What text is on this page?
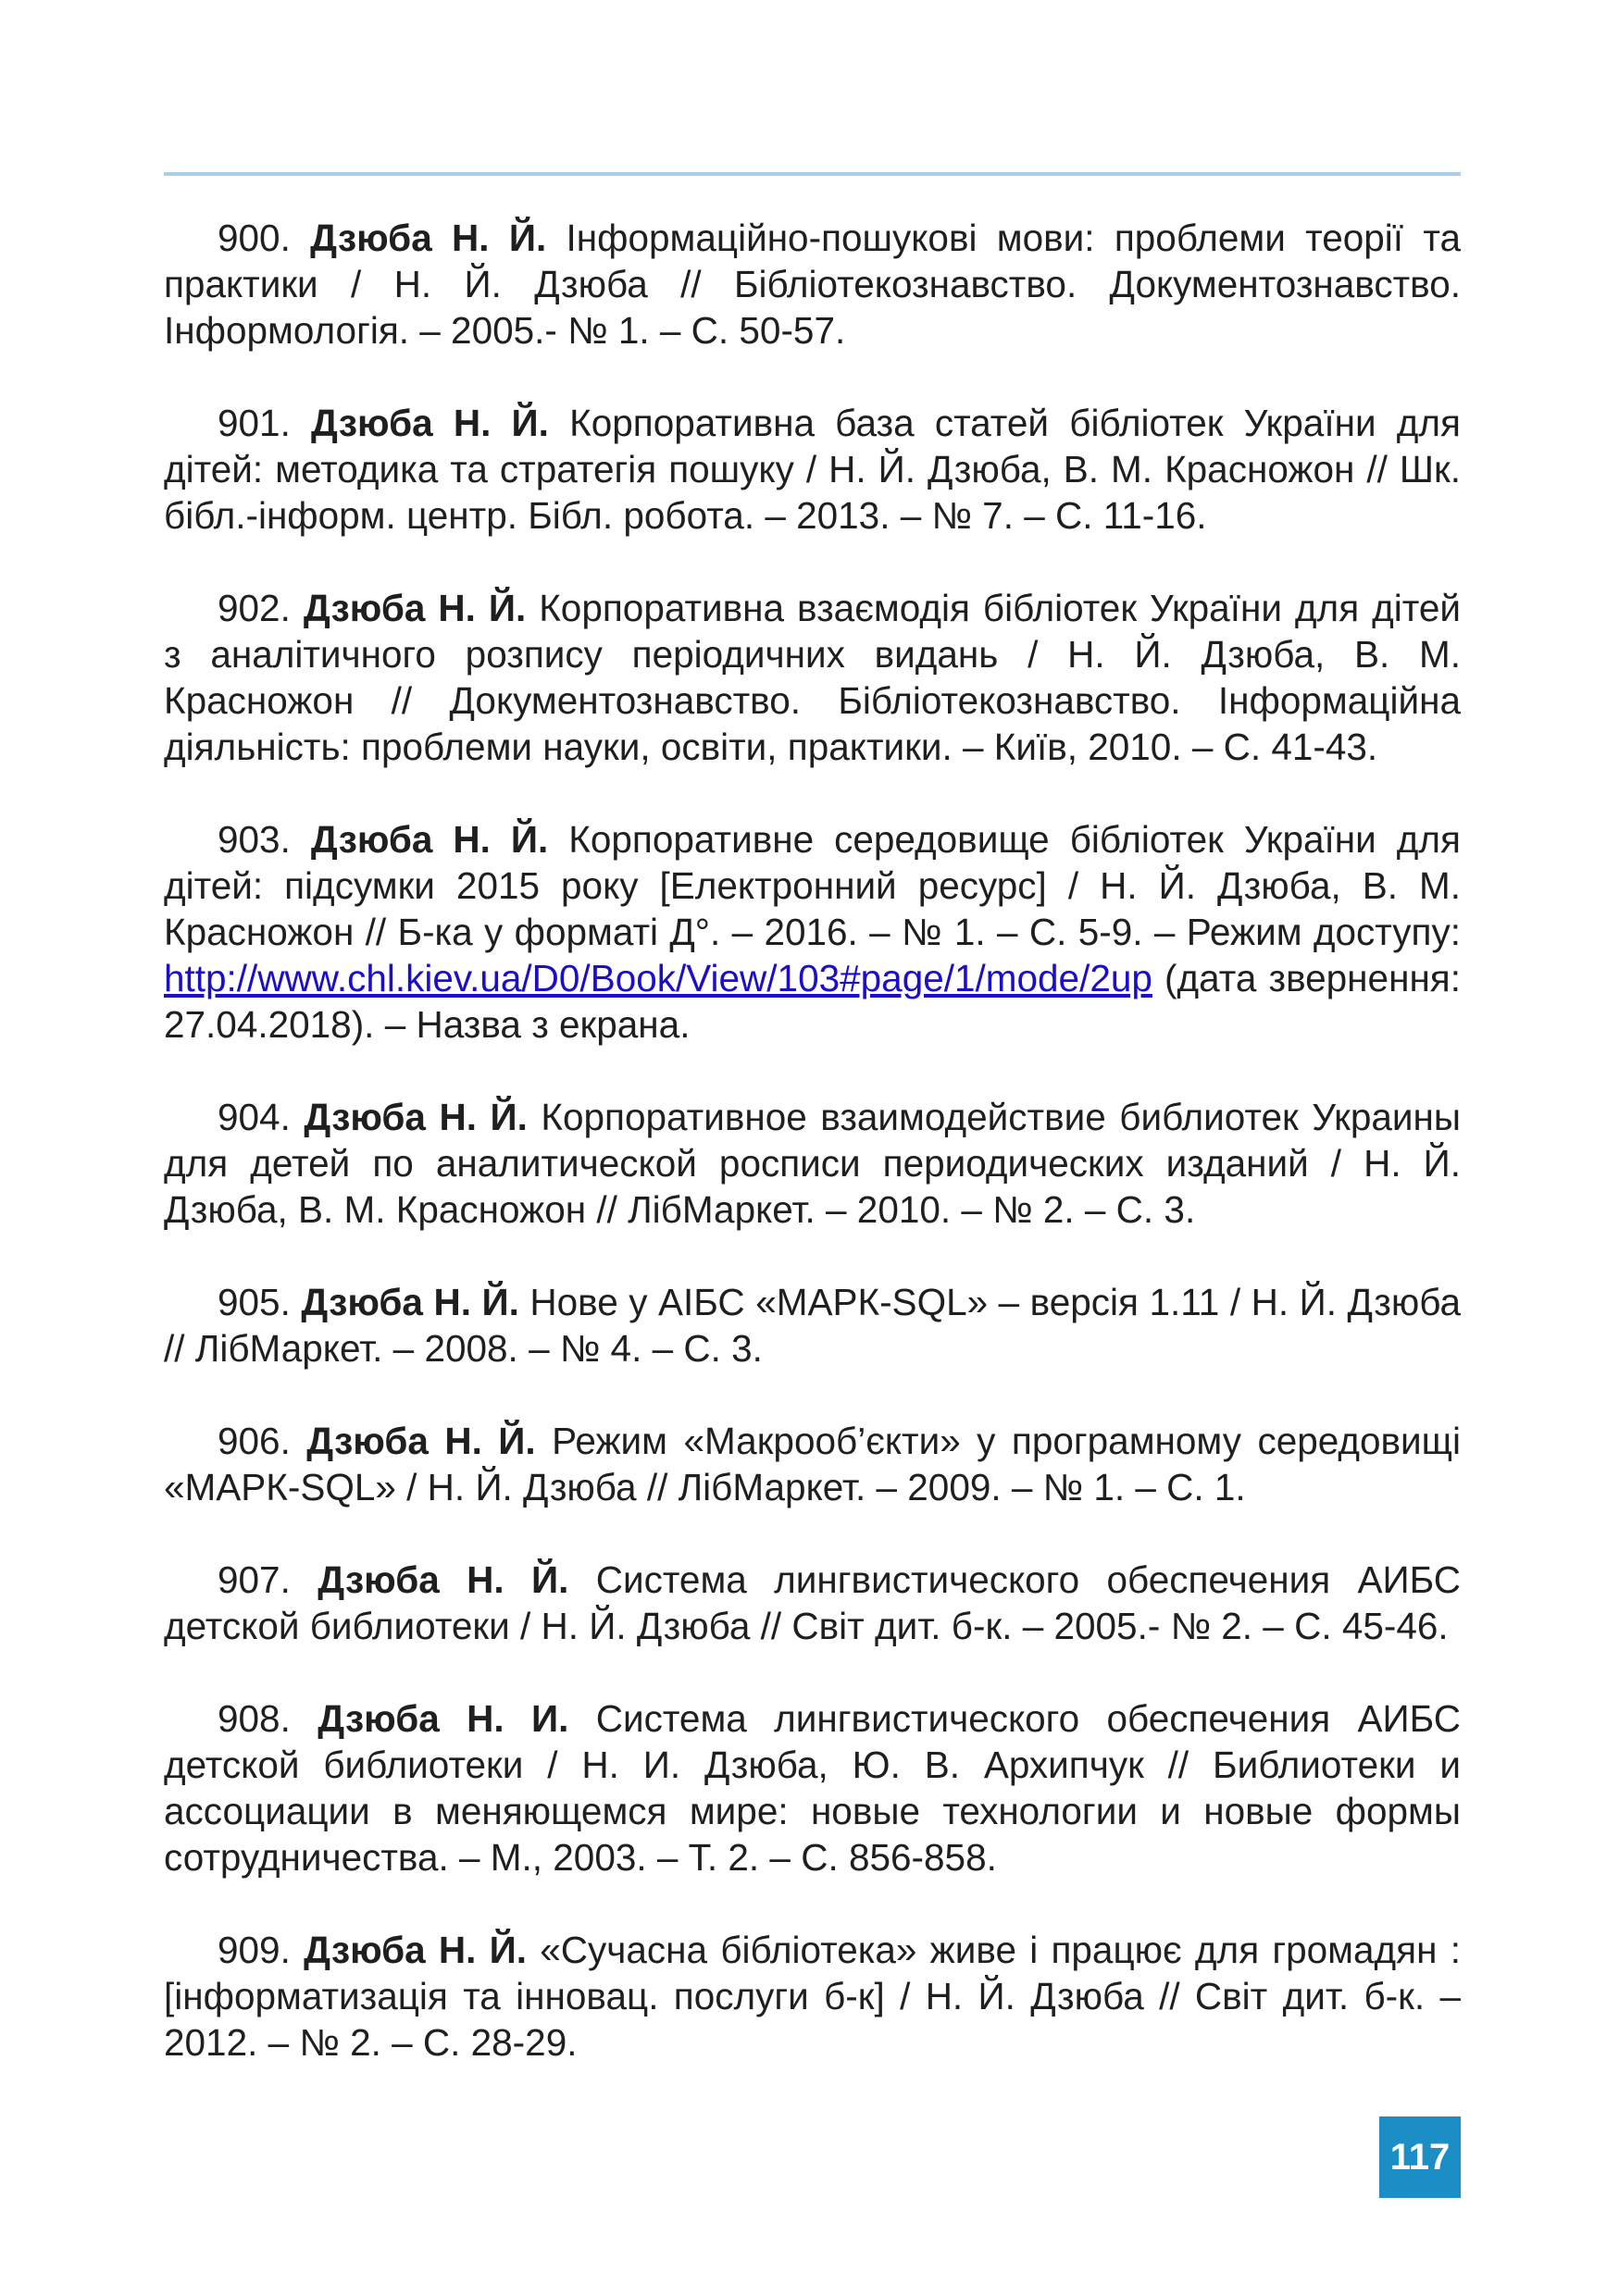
900. Дзюба Н. Й. Інформаційно-пошукові мови: проблеми теорії та практики / Н. Й. Дзюба // Бібліотекознавство. Документознавство. Інформологія. – 2005.- № 1. – С. 50-57.

901. Дзюба Н. Й. Корпоративна база статей бібліотек України для дітей: методика та стратегія пошуку / Н. Й. Дзюба, В. М. Красножон // Шк. бібл.-інформ. центр. Бібл. робота. – 2013. – № 7. – С. 11-16.

902. Дзюба Н. Й. Корпоративна взаємодія бібліотек України для дітей з аналітичного розпису періодичних видань / Н. Й. Дзюба, В. М. Красножон // Документознавство. Бібліотекознавство. Інформаційна діяльність: проблеми науки, освіти, практики. – Київ, 2010. – С. 41-43.

903. Дзюба Н. Й. Корпоративне середовище бібліотек України для дітей: підсумки 2015 року [Електронний ресурс] / Н. Й. Дзюба, В. М. Красножон // Б-ка у форматі Д°. – 2016. – № 1. – С. 5-9. – Режим доступу: http://www.chl.kiev.ua/D0/Book/View/103#page/1/mode/2up (дата звернення: 27.04.2018). – Назва з екрана.

904. Дзюба Н. Й. Корпоративное взаимодействие библиотек Украины для детей по аналитической росписи периодических изданий / Н. Й. Дзюба, В. М. Красножон // ЛібМаркет. – 2010. – № 2. – С. 3.

905. Дзюба Н. Й. Нове у АІБС «МАРК-SQL» – версія 1.11 / Н. Й. Дзюба // ЛібМаркет. – 2008. – № 4. – С. 3.

906. Дзюба Н. Й. Режим «Макрооб’єкти» у програмному середовищі «МАРК-SQL» / Н. Й. Дзюба // ЛібМаркет. – 2009. – № 1. – С. 1.

907. Дзюба Н. Й. Система лингвистического обеспечения АИБС детской библиотеки / Н. Й. Дзюба // Світ дит. б-к. – 2005.- № 2. – С. 45-46.

908. Дзюба Н. И. Система лингвистического обеспечения АИБС детской библиотеки / Н. И. Дзюба, Ю. В. Архипчук // Библиотеки и ассоциации в меняющемся мире: новые технологии и новые формы сотрудничества. – М., 2003. – Т. 2. – С. 856-858.

909. Дзюба Н. Й. «Сучасна бібліотека» живе і працює для громадян : [інформатизація та інновац. послуги б-к] / Н. Й. Дзюба // Світ дит. б-к. – 2012. – № 2. – С. 28-29.

117
